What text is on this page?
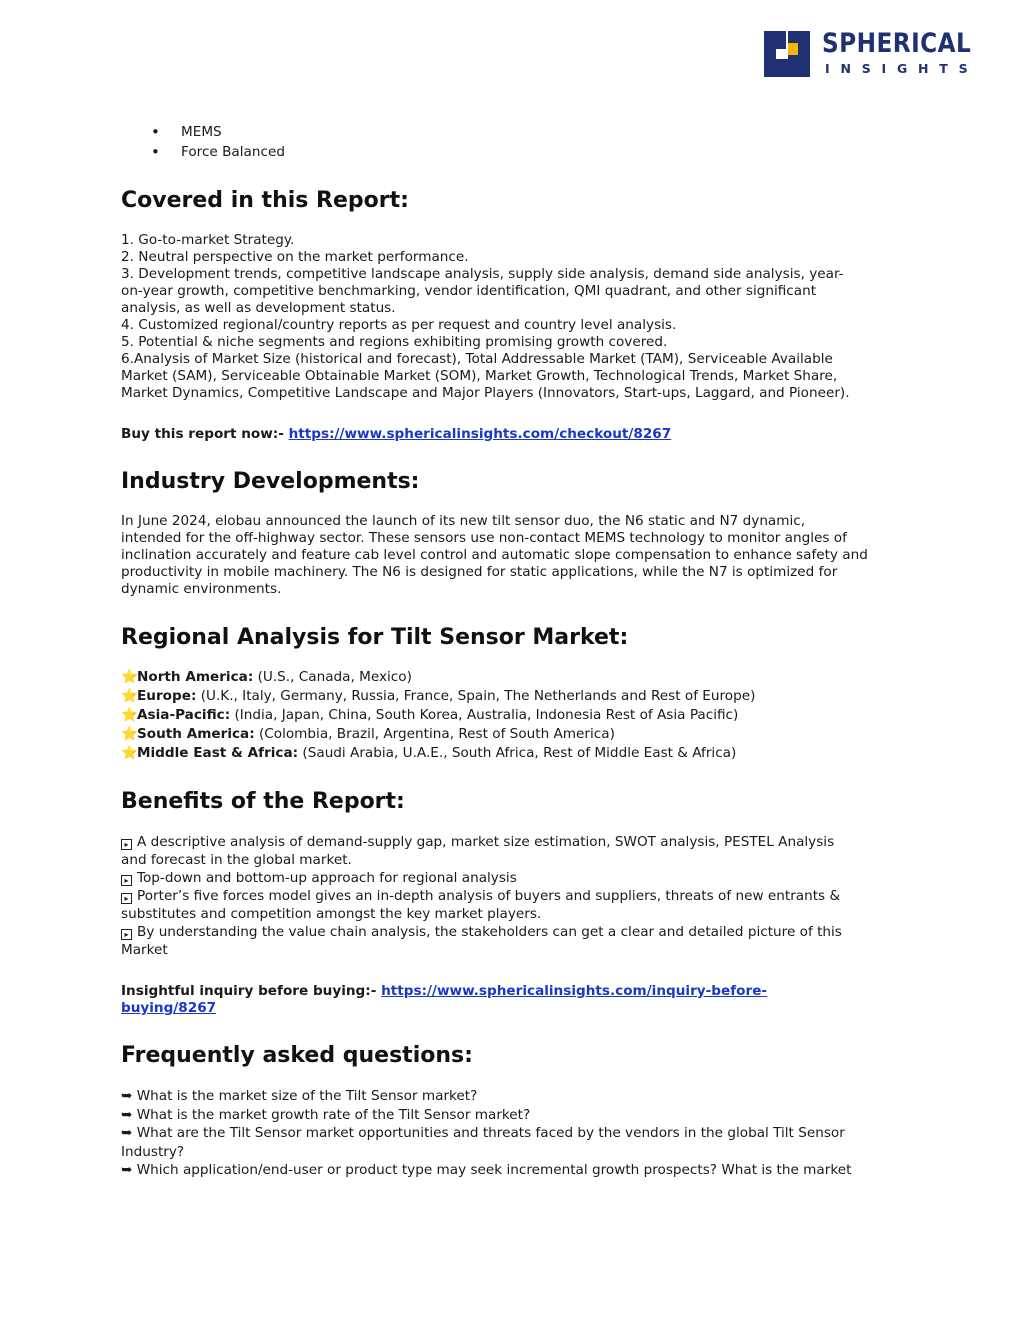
SPHERICAL
INSIGHTS
• MEMS
• Force Balanced
Covered in this Report:
1. Go-to-market Strategy.
2. Neutral perspective on the market performance.
3. Development trends, competitive landscape analysis, supply side analysis, demand side analysis, year-
on-year growth, competitive benchmarking, vendor identification, QMI quadrant, and other significant
analysis, as well as development status.
4. Customized regional/country reports as per request and country level analysis.
5. Potential & niche segments and regions exhibiting promising growth covered.
6.Analysis of Market Size (historical and forecast), Total Addressable Market (TAM), Serviceable Available
Market (SAM), Serviceable Obtainable Market (SOM), Market Growth, Technological Trends, Market Share,
Market Dynamics, Competitive Landscape and Major Players (Innovators, Start-ups, Laggard, and Pioneer).

Buy this report now:- https://www.sphericalinsights.com/checkout/8267

Industry Developments:
In June 2024, elobau announced the launch of its new tilt sensor duo, the N6 static and N7 dynamic,
intended for the off-highway sector. These sensors use non-contact MEMS technology to monitor angles of
inclination accurately and feature cab level control and automatic slope compensation to enhance safety and
productivity in mobile machinery. The N6 is designed for static applications, while the N7 is optimized for
dynamic environments.
Regional Analysis for Tilt Sensor Market:
⭐North America: (U.S., Canada, Mexico)
⭐Europe: (U.K., Italy, Germany, Russia, France, Spain, The Netherlands and Rest of Europe)
⭐Asia-Pacific: (India, Japan, China, South Korea, Australia, Indonesia Rest of Asia Pacific)
⭐South America: (Colombia, Brazil, Argentina, Rest of South America)
⭐Middle East & Africa: (Saudi Arabia, U.A.E., South Africa, Rest of Middle East & Africa)
Benefits of the Report:
▸ A descriptive analysis of demand-supply gap, market size estimation, SWOT analysis, PESTEL Analysis
and forecast in the global market.
▸ Top-down and bottom-up approach for regional analysis
▸ Porter’s five forces model gives an in-depth analysis of buyers and suppliers, threats of new entrants &
substitutes and competition amongst the key market players.
▸ By understanding the value chain analysis, the stakeholders can get a clear and detailed picture of this
Market
Insightful inquiry before buying:- https://www.sphericalinsights.com/inquiry-before-
buying/8267
Frequently asked questions:
➥ What is the market size of the Tilt Sensor market?
➥ What is the market growth rate of the Tilt Sensor market?
➥ What are the Tilt Sensor market opportunities and threats faced by the vendors in the global Tilt Sensor
Industry?
➥ Which application/end-user or product type may seek incremental growth prospects? What is the market
